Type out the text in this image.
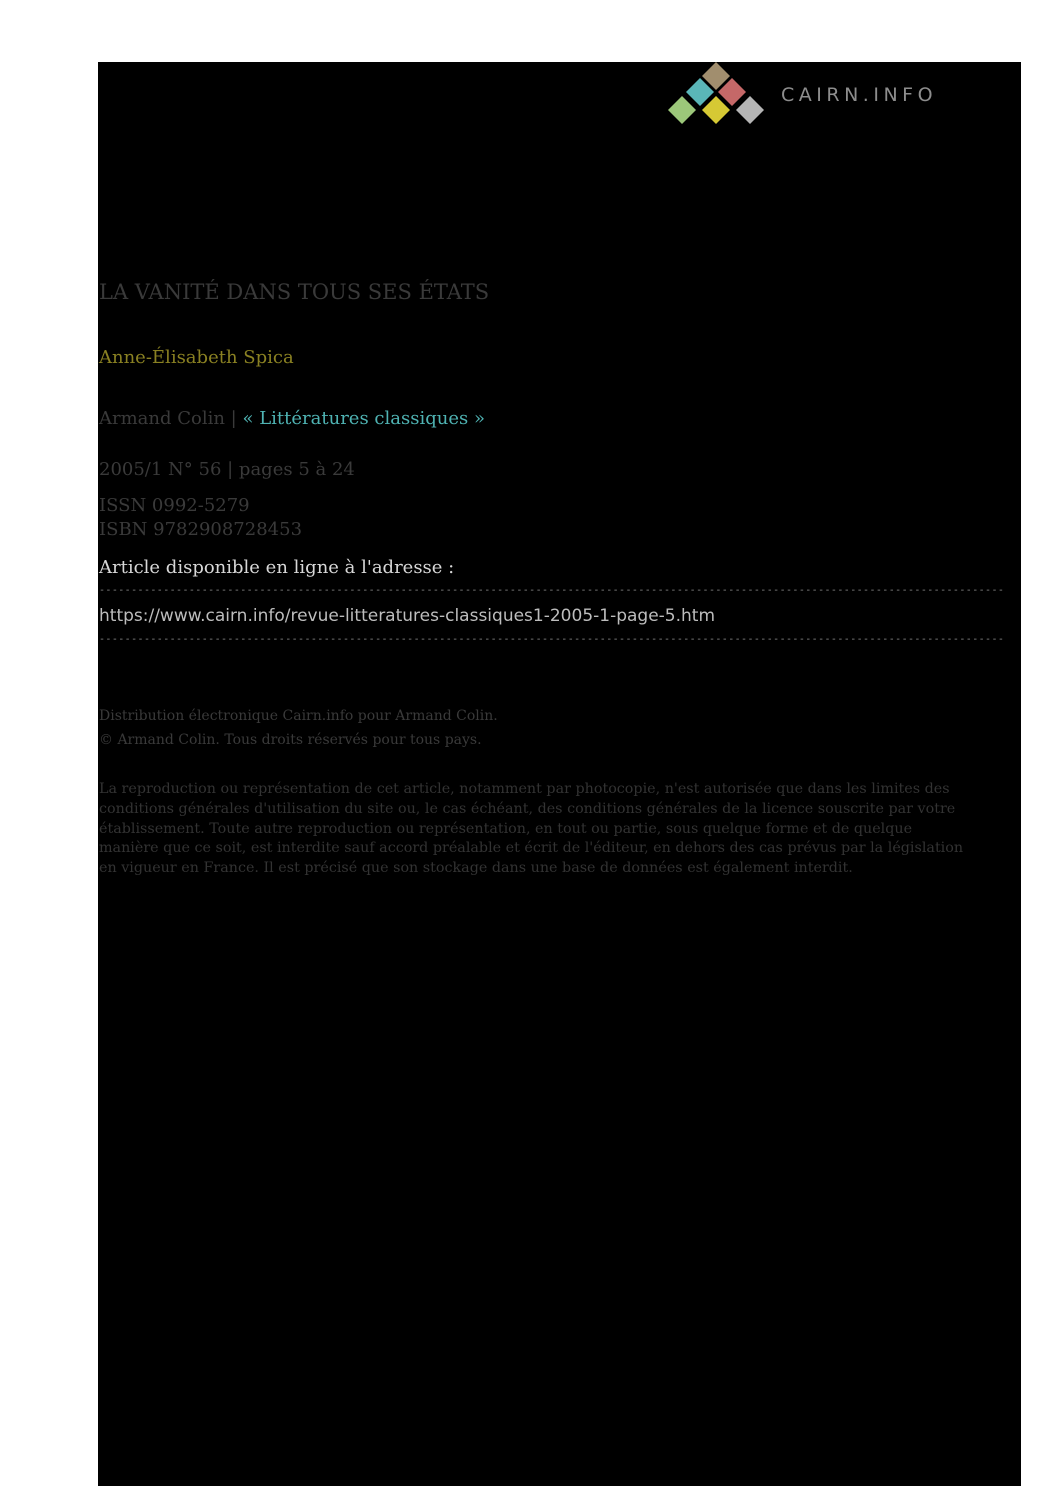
CAIRN.INFO
LA VANITÉ DANS TOUS SES ÉTATS
Anne-Élisabeth Spica
Armand Colin | « Littératures classiques »
2005/1 N° 56 | pages 5 à 24
ISSN 0992-5279
ISBN 9782908728453
Article disponible en ligne à l'adresse :
---------------------------------------------------------------------------------------------------------------------------------------------
https://www.cairn.info/revue-litteratures-classiques1-2005-1-page-5.htm
---------------------------------------------------------------------------------------------------------------------------------------------
Distribution électronique Cairn.info pour Armand Colin.
© Armand Colin. Tous droits réservés pour tous pays.
La reproduction ou représentation de cet article, notamment par photocopie, n'est autorisée que dans les limites des conditions générales d'utilisation du site ou, le cas échéant, des conditions générales de la licence souscrite par votre établissement. Toute autre reproduction ou représentation, en tout ou partie, sous quelque forme et de quelque manière que ce soit, est interdite sauf accord préalable et écrit de l'éditeur, en dehors des cas prévus par la législation en vigueur en France. Il est précisé que son stockage dans une base de données est également interdit.	Document téléchargé depuis www.cairn.info - - - 109.210.54.109 - 19/01/2020 20:52 - © Armand Colin
